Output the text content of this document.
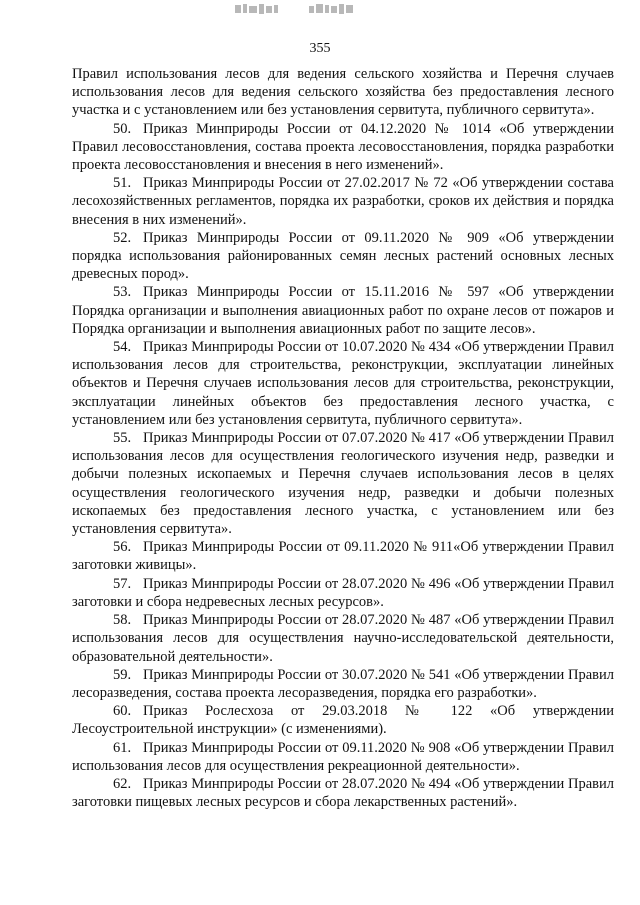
355

Правил использования лесов для ведения сельского хозяйства и Перечня случаев использования лесов для ведения сельского хозяйства без предоставления лесного участка и с установлением или без установления сервитута, публичного сервитута».

50. Приказ Минприроды России от 04.12.2020 № 1014 «Об утверждении Правил лесовосстановления, состава проекта лесовосстановления, порядка разработки проекта лесовосстановления и внесения в него изменений».

51. Приказ Минприроды России от 27.02.2017 № 72 «Об утверждении состава лесохозяйственных регламентов, порядка их разработки, сроков их действия и порядка внесения в них изменений».

52. Приказ Минприроды России от 09.11.2020 № 909 «Об утверждении порядка использования районированных семян лесных растений основных лесных древесных пород».

53. Приказ Минприроды России от 15.11.2016 № 597 «Об утверждении Порядка организации и выполнения авиационных работ по охране лесов от пожаров и Порядка организации и выполнения авиационных работ по защите лесов».

54. Приказ Минприроды России от 10.07.2020 № 434 «Об утверждении Правил использования лесов для строительства, реконструкции, эксплуатации линейных объектов и Перечня случаев использования лесов для строительства, реконструкции, эксплуатации линейных объектов без предоставления лесного участка, с установлением или без установления сервитута, публичного сервитута».

55. Приказ Минприроды России от 07.07.2020 № 417 «Об утверждении Правил использования лесов для осуществления геологического изучения недр, разведки и добычи полезных ископаемых и Перечня случаев использования лесов в целях осуществления геологического изучения недр, разведки и добычи полезных ископаемых без предоставления лесного участка, с установлением или без установления сервитута».

56. Приказ Минприроды России от 09.11.2020 № 911«Об утверждении Правил заготовки живицы».

57. Приказ Минприроды России от 28.07.2020 № 496 «Об утверждении Правил заготовки и сбора недревесных лесных ресурсов».

58. Приказ Минприроды России от 28.07.2020 № 487 «Об утверждении Правил использования лесов для осуществления научно-исследовательской деятельности, образовательной деятельности».

59. Приказ Минприроды России от 30.07.2020 № 541 «Об утверждении Правил лесоразведения, состава проекта лесоразведения, порядка его разработки».

60. Приказ Рослесхоза от 29.03.2018 № 122 «Об утверждении Лесоустроительной инструкции» (с изменениями).

61. Приказ Минприроды России от 09.11.2020 № 908 «Об утверждении Правил использования лесов для осуществления рекреационной деятельности».

62. Приказ Минприроды России от 28.07.2020 № 494 «Об утверждении Правил заготовки пищевых лесных ресурсов и сбора лекарственных растений».
